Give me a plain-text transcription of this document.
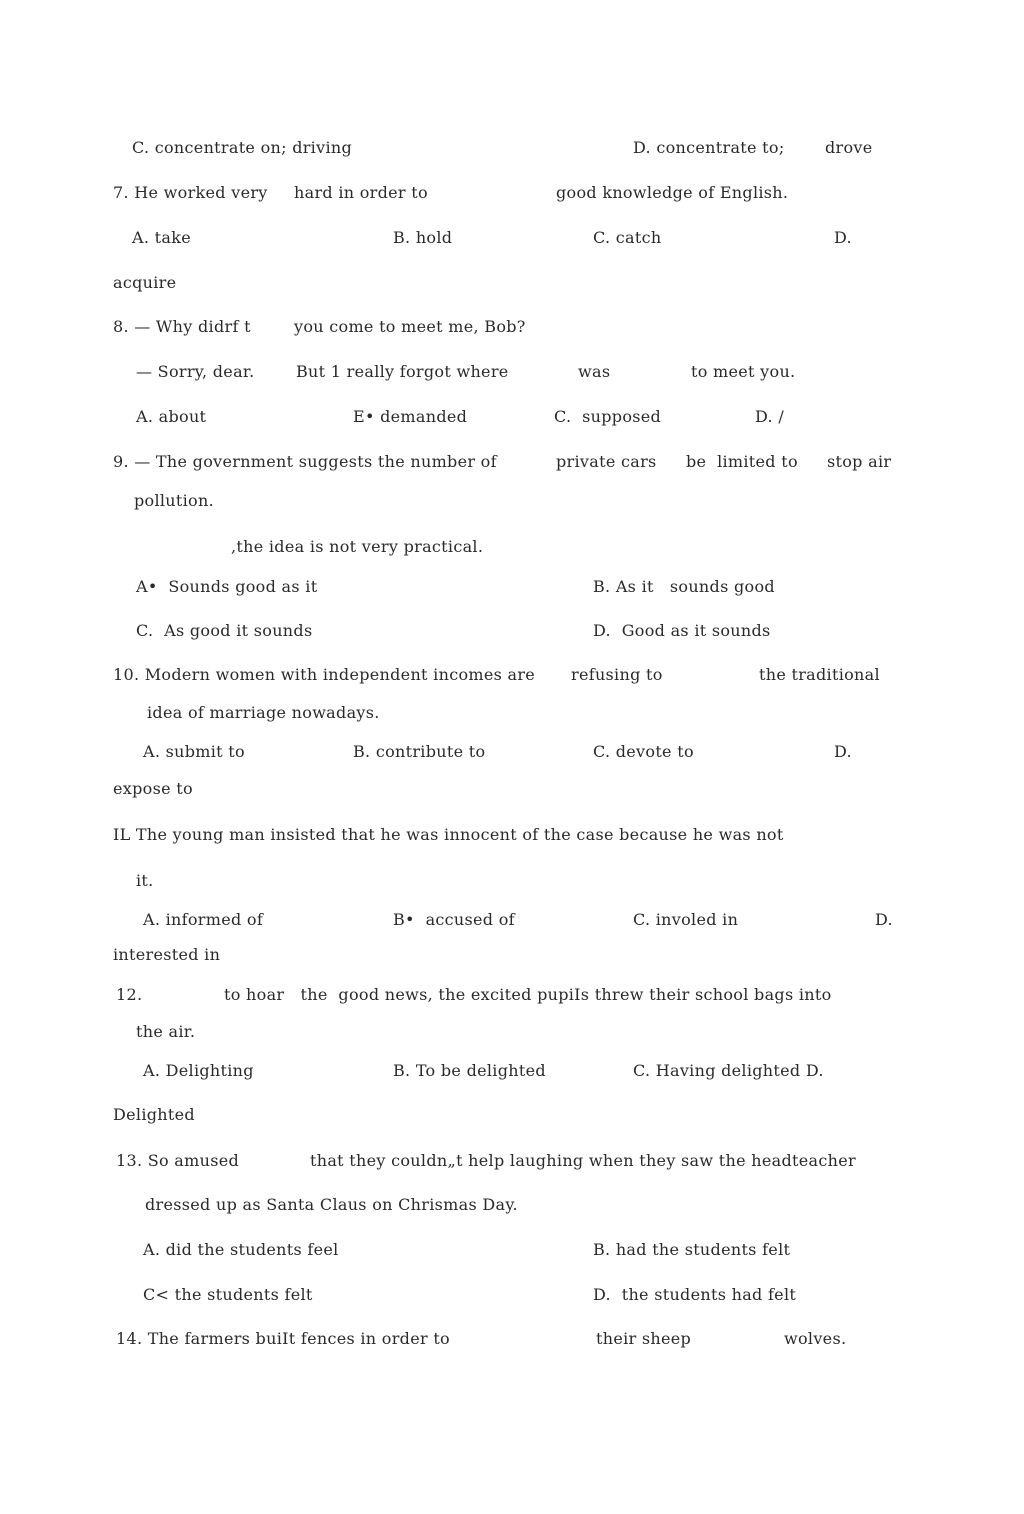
C. concentrate on; driving	D. concentrate to;	drove
7. He worked very hard in order to	good knowledge of English.
A. take	B. hold	C. catch	D.
acquire
8. — Why didrf t	you come to meet me, Bob?
— Sorry, dear.	But 1 really forgot where	was	to meet you.
A. about	E• demanded	C.  supposed	D. /
9. — The government suggests the number of	private cars be  limited to stop air
pollution.
,the idea is not very practical.
A•  Sounds good as it	B. As it   sounds good
C.  As good it sounds	D.  Good as it sounds
10. Modern women with independent incomes are refusing to	the traditional
idea of marriage nowadays.
A. submit to	B. contribute to	C. devote to	D.
expose to
IL The young man insisted that he was innocent of the case because he was not
it.
A. informed of	B•  accused of	C. involed in	D.
interested in
12.	to hoar   the  good news, the excited pupiIs threw their school bags into
the air.
A. Delighting	B. To be delighted	C. Having delighted D.
Delighted
13. So amused	that they couldn„t help laughing when they saw the headteacher
dressed up as Santa Claus on Chrismas Day.
A. did the students feel	B. had the students felt
C< the students felt	D.  the students had felt
14. The farmers buiIt fences in order to	their sheep	wolves.
